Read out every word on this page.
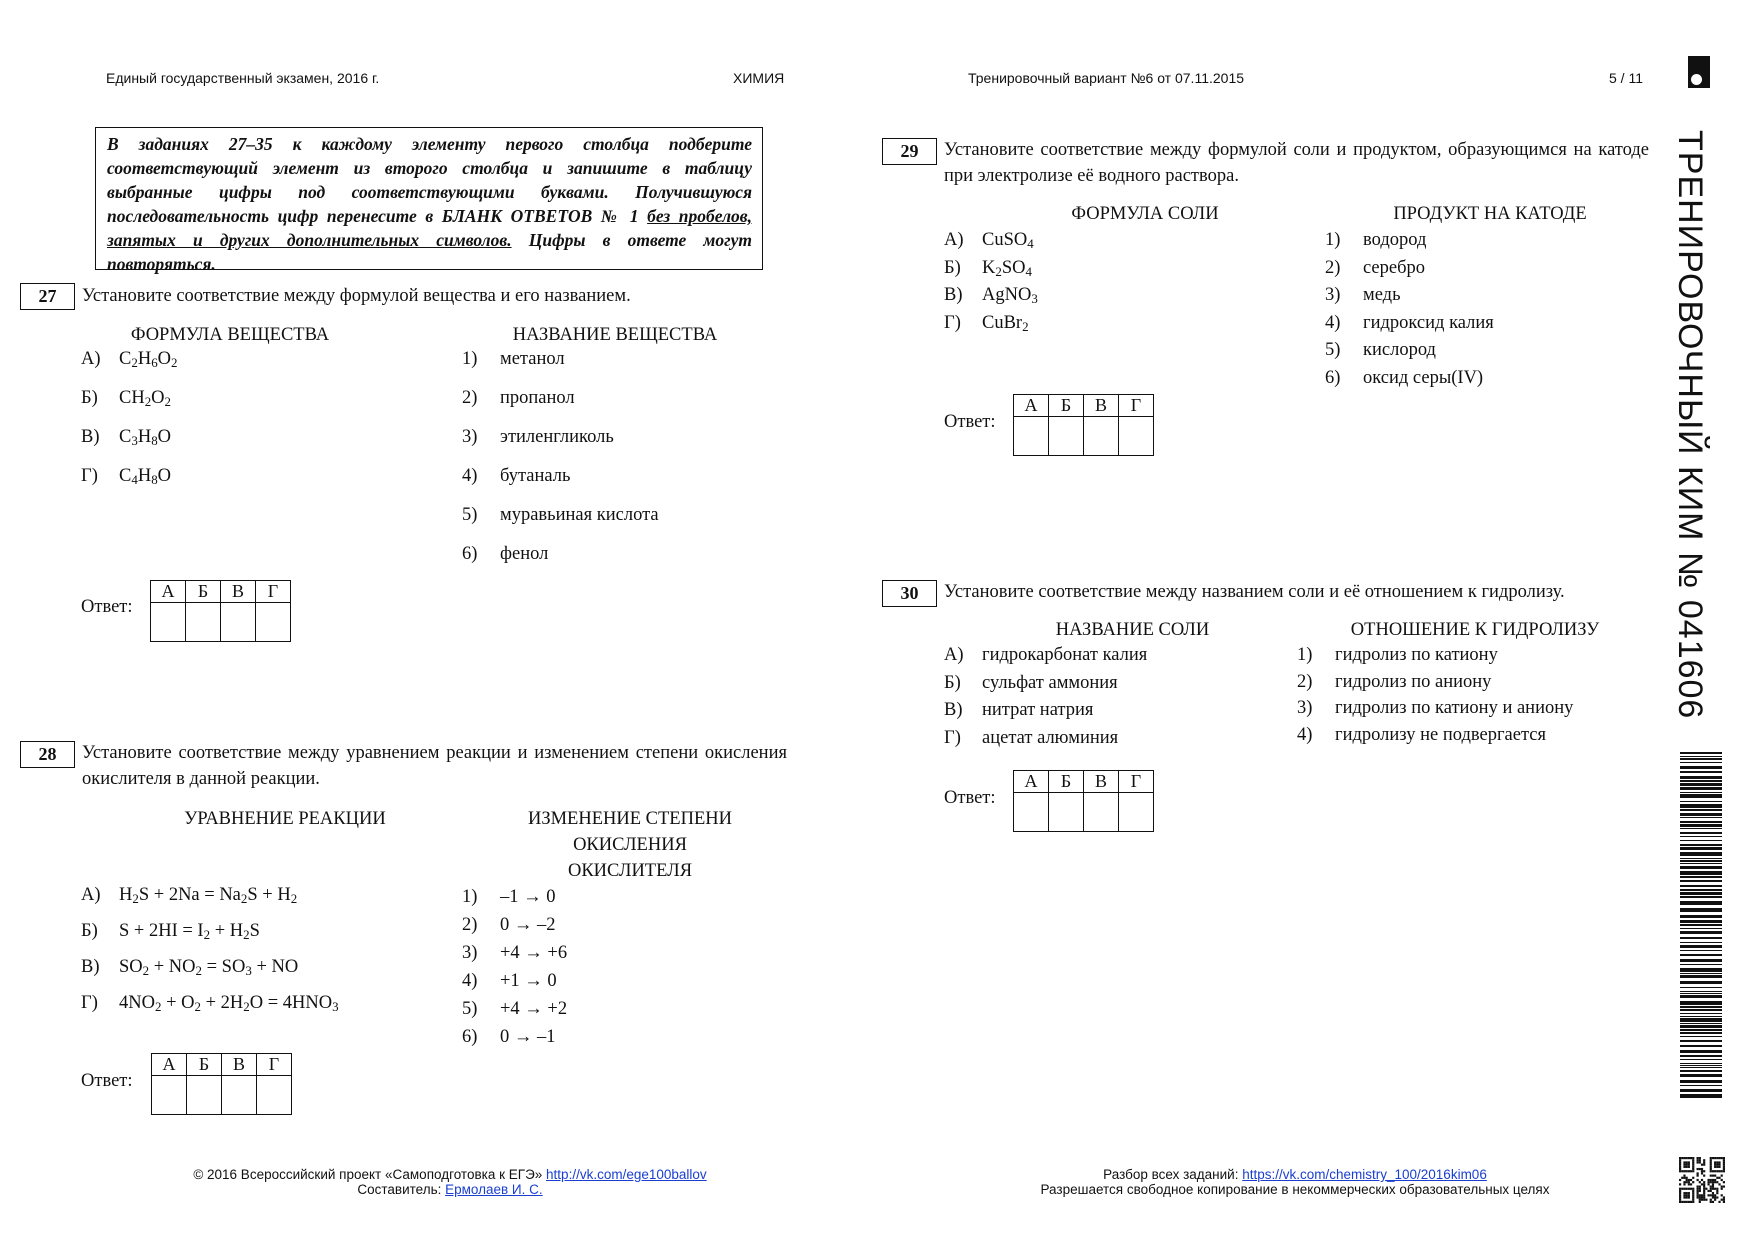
Единый государственный экзамен, 2016 г.	ХИМИЯ	Тренировочный вариант №6 от 07.11.2015	5 / 11
В заданиях 27–35 к каждому элементу первого столбца подберите соответствующий элемент из второго столбца и запишите в таблицу выбранные цифры под соответствующими буквами. Получившуюся последовательность цифр перенесите в БЛАНК ОТВЕТОВ № 1 без пробелов, запятых и других дополнительных символов. Цифры в ответе могут повторяться.
27	Установите соответствие между формулой вещества и его названием.
ФОРМУЛА ВЕЩЕСТВА	НАЗВАНИЕ ВЕЩЕСТВА
А) $C_2H_6O_2$
Б) $CH_2O_2$
В) $C_3H_8O$
Г) $C_4H_8O$
1) метанол
2) пропанол
3) этиленгликоль
4) бутаналь
5) муравьиная кислота
6) фенол
Ответ:
А	Б	В	Г

28	Установите соответствие между уравнением реакции и изменением степени окисления окислителя в данной реакции.
УРАВНЕНИЕ РЕАКЦИИ	ИЗМЕНЕНИЕ СТЕПЕНИ
ОКИСЛЕНИЯ
ОКИСЛИТЕЛЯ
А) $H_2S + 2Na = Na_2S + H_2$
Б) $S + 2HI = I_2 + H_2S$
В) $SO_2 + NO_2 = SO_3$ + NO
Г) $4NO_2 + O_2 + 2H_2O = 4HNO_3$
1) –1 → 0
2) 0 → –2
3) +4 → +6
4) +1 → 0
5) +4 → +2
6) 0 → –1
Ответ:
А	Б	В	Г

29	Установите соответствие между формулой соли и продуктом, образующимся на катоде при электролизе её водного раствора.
ФОРМУЛА СОЛИ	ПРОДУКТ НА КАТОДЕ
А) CuSO$_4$
Б) $K_2SO_4$
В) AgNO$_3$
Г) CuBr$_2$
1) водород
2) серебро
3) медь
4) гидроксид калия
5) кислород
6) оксид серы(IV)
Ответ:
А	Б	В	Г

30	Установите соответствие между названием соли и её отношением к гидролизу.
НАЗВАНИЕ СОЛИ	ОТНОШЕНИЕ К ГИДРОЛИЗУ
А) гидрокарбонат калия
Б) сульфат аммония
В) нитрат натрия
Г) ацетат алюминия
1) гидролиз по катиону
2) гидролиз по аниону
3) гидролиз по катиону и аниону
4) гидролизу не подвергается
Ответ:
А	Б	В	Г

ТРЕНИРОВОЧНЫЙ КИМ № 041606
© 2016 Всероссийский проект «Самоподготовка к ЕГЭ» http://vk.com/ege100ballov
Составитель: Ермолаев И. С.
Разбор всех заданий: https://vk.com/chemistry_100/2016kim06
Разрешается свободное копирование в некоммерческих образовательных целях
